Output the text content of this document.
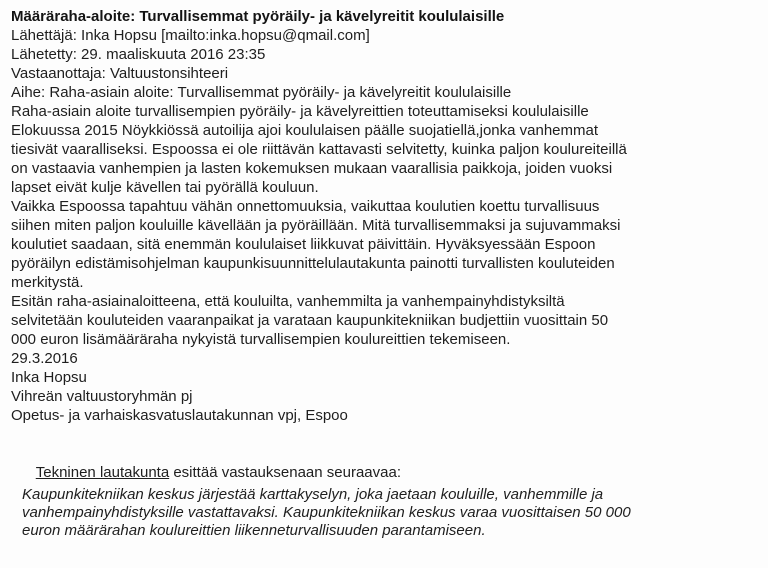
Määräraha-aloite: Turvallisemmat pyöräily- ja kävelyreitit koululaisille
Lähettäjä: Inka Hopsu [mailto:inka.hopsu@qmail.com]
Lähetetty: 29. maaliskuuta 2016 23:35
Vastaanottaja: Valtuustonsihteeri
Aihe: Raha-asiain aloite: Turvallisemmat pyöräily- ja kävelyreitit koululaisille
Raha-asiain aloite turvallisempien pyöräily- ja kävelyreittien toteuttamiseksi koululaisille
Elokuussa 2015 Nöykkiössä autoilija ajoi koululaisen päälle suojatiellä,jonka vanhemmat
tiesivät vaaralliseksi. Espoossa ei ole riittävän kattavasti selvitetty, kuinka paljon koulureiteillä
on vastaavia vanhempien ja lasten kokemuksen mukaan vaarallisia paikkoja, joiden vuoksi
lapset eivät kulje kävellen tai pyörällä kouluun.
Vaikka Espoossa tapahtuu vähän onnettomuuksia, vaikuttaa koulutien koettu turvallisuus
siihen miten paljon kouluille kävellään ja pyöräillään. Mitä turvallisemmaksi ja sujuvammaksi
koulutiet saadaan, sitä enemmän koululaiset liikkuvat päivittäin. Hyväksyessään Espoon
pyöräilyn edistämisohjelman kaupunkisuunnittelulautakunta painotti turvallisten kouluteiden
merkitystä.
Esitän raha-asiainaloitteena, että kouluilta, vanhemmilta ja vanhempainyhdistyksiltä
selvitetään kouluteiden vaaranpaikat ja varataan kaupunkitekniikan budjettiin vuosittain 50
000 euron lisämääräraha nykyistä turvallisempien koulureittien tekemiseen.
29.3.2016
Inka Hopsu
Vihreän valtuustoryhmän pj
Opetus- ja varhaiskasvatuslautakunnan vpj, Espoo

Tekninen lautakunta esittää vastauksenaan seuraavaa:

Kaupunkitekniikan keskus järjestää karttakyselyn, joka jaetaan kouluille, vanhemmille ja
vanhempainyhdistyksille vastattavaksi. Kaupunkitekniikan keskus varaa vuosittaisen 50 000
euron määrärahan koulureittien liikenneturvallisuuden parantamiseen.
